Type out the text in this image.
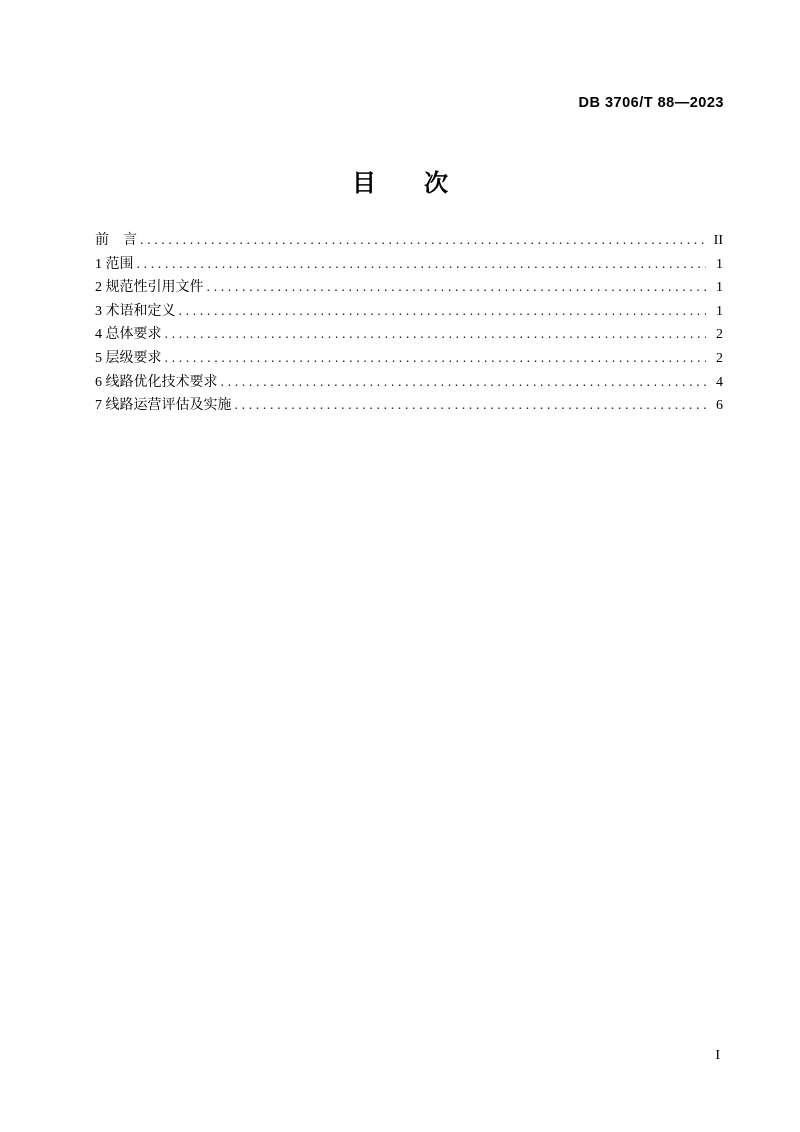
DB 3706/T 88—2023
目　次
前　言 .....	II
1 范围 .....	1
2 规范性引用文件 .....	1
3 术语和定义 .....	1
4 总体要求 .....	2
5 层级要求 .....	2
6 线路优化技术要求 .....	4
7 线路运营评估及实施 .....	6
I
